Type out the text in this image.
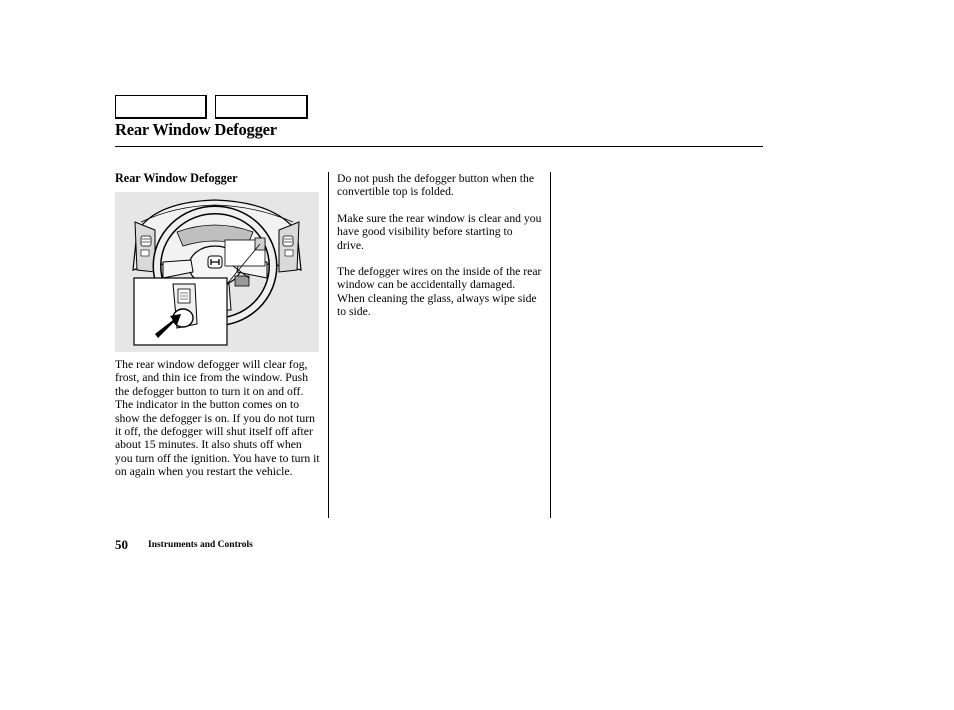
Rear Window Defogger
Rear Window Defogger

The rear window defogger will clear fog, frost, and thin ice from the window. Push the defogger button to turn it on and off. The indicator in the button comes on to show the defogger is on. If you do not turn it off, the defogger will shut itself off after about 15 minutes. It also shuts off when you turn off the ignition. You have to turn it on again when you restart the vehicle.

Do not push the defogger button when the convertible top is folded.

Make sure the rear window is clear and you have good visibility before starting to drive.

The defogger wires on the inside of the rear window can be accidentally damaged. When cleaning the glass, always wipe side to side.

50 Instruments and Controls
